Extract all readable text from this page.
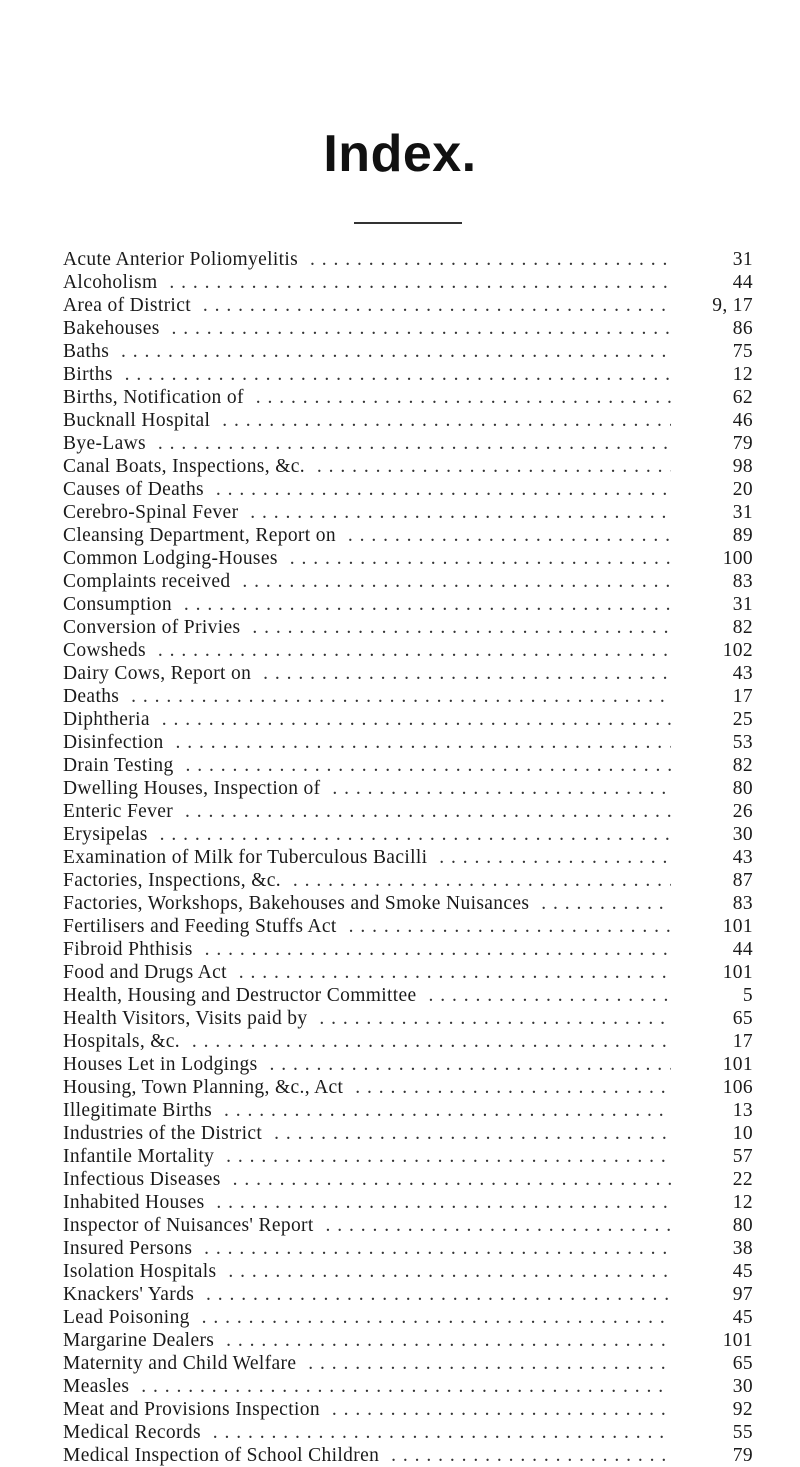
Index.
Acute Anterior Poliomyelitis . . .	31
Alcoholism . . .	44
Area of District . . .	9, 17
Bakehouses . . .	86
Baths . . .	75
Births . . .	12
Births, Notification of . . .	62
Bucknall Hospital . . .	46
Bye-Laws . . .	79
Canal Boats, Inspections, &c. . . .	98
Causes of Deaths . . .	20
Cerebro-Spinal Fever . . .	31
Cleansing Department, Report on . . .	89
Common Lodging-Houses . . .	100
Complaints received . . .	83
Consumption . . .	31
Conversion of Privies . . .	82
Cowsheds . . .	102
Dairy Cows, Report on . . .	43
Deaths . . .	17
Diphtheria . . .	25
Disinfection . . .	53
Drain Testing . . .	82
Dwelling Houses, Inspection of . . .	80
Enteric Fever . . .	26
Erysipelas . . .	30
Examination of Milk for Tuberculous Bacilli . . .	43
Factories, Inspections, &c. . . .	87
Factories, Workshops, Bakehouses and Smoke Nuisances . . .	83
Fertilisers and Feeding Stuffs Act . . .	101
Fibroid Phthisis . . .	44
Food and Drugs Act . . .	101
Health, Housing and Destructor Committee . . .	5
Health Visitors, Visits paid by . . .	65
Hospitals, &c. . . .	17
Houses Let in Lodgings . . .	101
Housing, Town Planning, &c., Act . . .	106
Illegitimate Births . . .	13
Industries of the District . . .	10
Infantile Mortality . . .	57
Infectious Diseases . . .	22
Inhabited Houses . . .	12
Inspector of Nuisances' Report . . .	80
Insured Persons . . .	38
Isolation Hospitals . . .	45
Knackers' Yards . . .	97
Lead Poisoning . . .	45
Margarine Dealers . . .	101
Maternity and Child Welfare . . .	65
Measles . . .	30
Meat and Provisions Inspection . . .	92
Medical Records . . .	55
Medical Inspection of School Children . . .	79
